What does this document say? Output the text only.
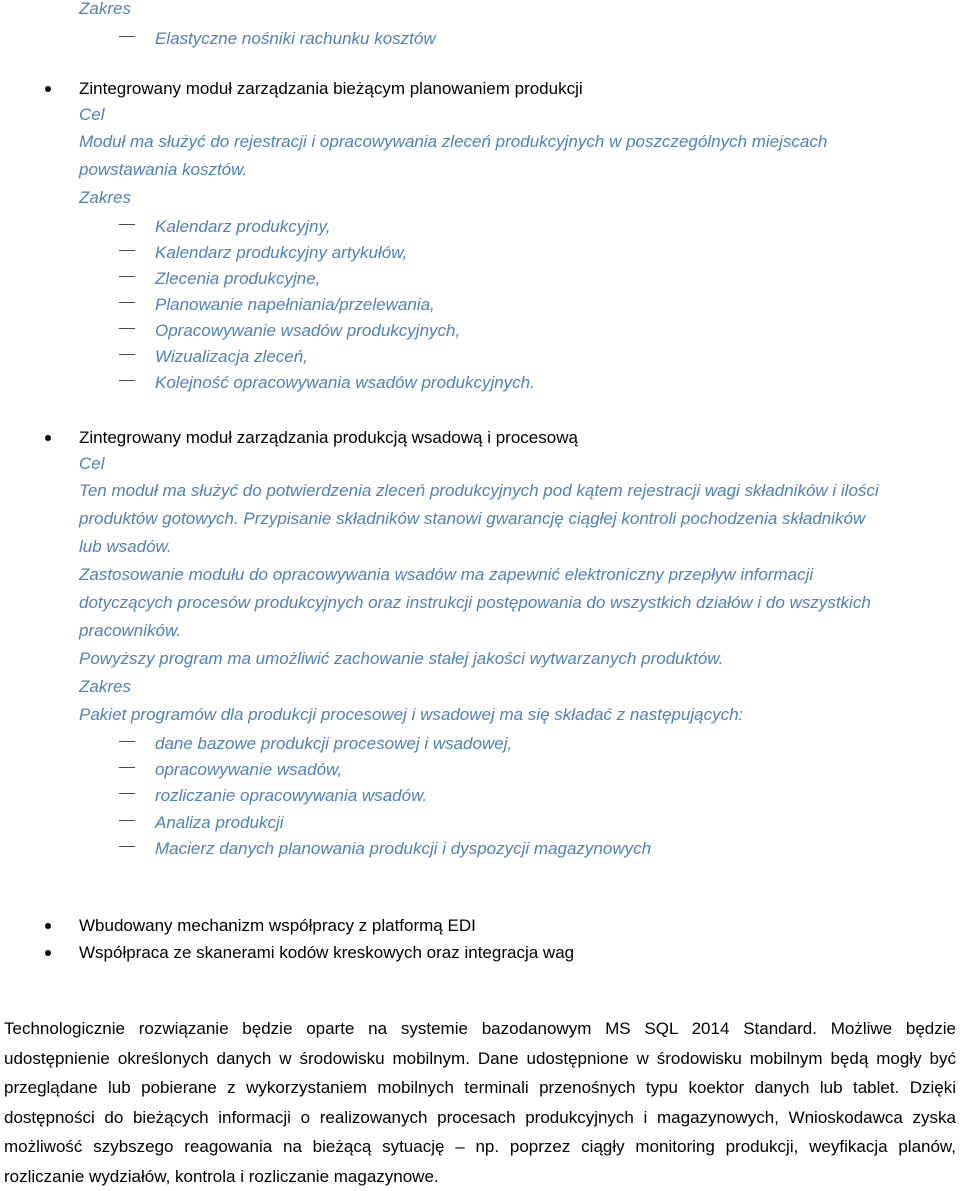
Zakres
Elastyczne nośniki rachunku kosztów
Zintegrowany moduł zarządzania bieżącym planowaniem produkcji
Cel
Moduł ma służyć do rejestracji i opracowywania zleceń produkcyjnych w poszczególnych miejscach
powstawania kosztów.
Zakres
Kalendarz produkcyjny,
Kalendarz produkcyjny artykułów,
Zlecenia produkcyjne,
Planowanie napełniania/przelewania,
Opracowywanie wsadów produkcyjnych,
Wizualizacja zleceń,
Kolejność opracowywania wsadów produkcyjnych.
Zintegrowany moduł zarządzania produkcją wsadową i procesową
Cel
Ten moduł ma służyć do potwierdzenia zleceń produkcyjnych pod kątem rejestracji wagi składników i ilości
produktów gotowych. Przypisanie składników stanowi gwarancję ciągłej kontroli pochodzenia składników
lub wsadów.
Zastosowanie modułu do opracowywania wsadów ma zapewnić elektroniczny przepływ informacji
dotyczących procesów produkcyjnych oraz instrukcji postępowania do wszystkich działów i do wszystkich
pracowników.
Powyższy program ma umożliwić zachowanie stałej jakości wytwarzanych produktów.
Zakres
Pakiet programów dla produkcji procesowej i wsadowej ma się składać z następujących:
dane bazowe produkcji procesowej i wsadowej,
opracowywanie wsadów,
rozliczanie opracowywania wsadów.
Analiza produkcji
Macierz danych planowania produkcji i dyspozycji magazynowych
Wbudowany mechanizm współpracy z platformą EDI
Współpraca ze skanerami kodów kreskowych oraz integracja wag
Technologicznie rozwiązanie będzie oparte na systemie bazodanowym MS SQL 2014 Standard. Możliwe będzie udostępnienie określonych danych w środowisku mobilnym. Dane udostępnione w środowisku mobilnym będą mogły być przeglądane lub pobierane z wykorzystaniem mobilnych terminali przenośnych typu koektor danych lub tablet. Dzięki dostępności do bieżących informacji o realizowanych procesach produkcyjnych i magazynowych, Wnioskodawca zyska możliwość szybszego reagowania na bieżącą sytuację – np. poprzez ciągły monitoring produkcji, weyfikacja planów, rozliczanie wydziałów, kontrola i rozliczanie magazynowe.
